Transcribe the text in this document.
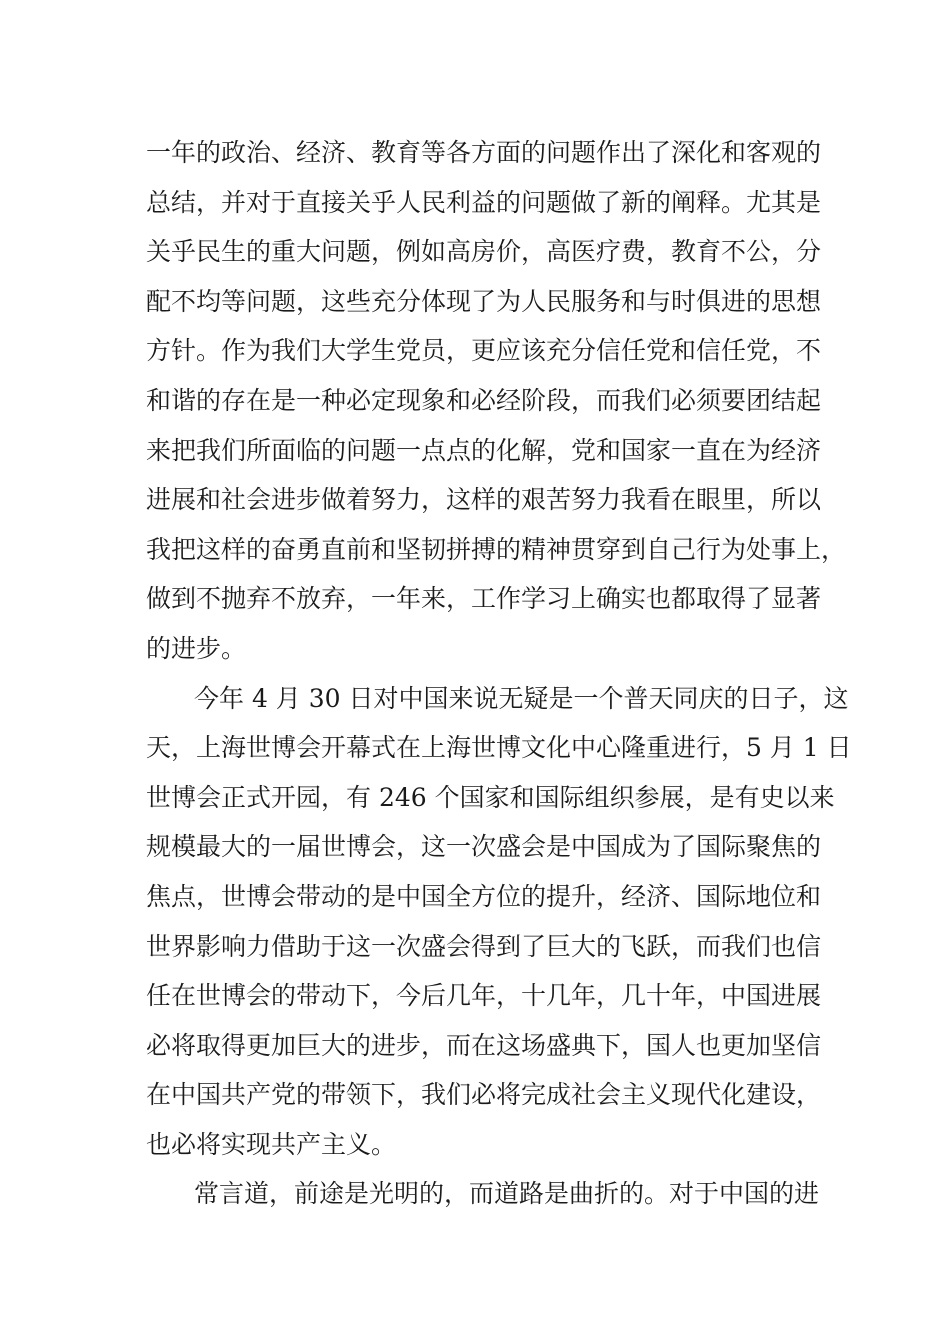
一年的政治、经济、教育等各方面的问题作出了深化和客观的
总结，并对于直接关乎人民利益的问题做了新的阐释。尤其是
关乎民生的重大问题，例如高房价，高医疗费，教育不公，分
配不均等问题，这些充分体现了为人民服务和与时俱进的思想
方针。作为我们大学生党员，更应该充分信任党和信任党，不
和谐的存在是一种必定现象和必经阶段，而我们必须要团结起
来把我们所面临的问题一点点的化解，党和国家一直在为经济
进展和社会进步做着努力，这样的艰苦努力我看在眼里，所以
我把这样的奋勇直前和坚韧拼搏的精神贯穿到自己行为处事上，
做到不抛弃不放弃，一年来，工作学习上确实也都取得了显著
的进步。
今年 4 月 30 日对中国来说无疑是一个普天同庆的日子，这
天，上海世博会开幕式在上海世博文化中心隆重进行，5 月 1 日
世博会正式开园，有 246 个国家和国际组织参展，是有史以来
规模最大的一届世博会，这一次盛会是中国成为了国际聚焦的
焦点，世博会带动的是中国全方位的提升，经济、国际地位和
世界影响力借助于这一次盛会得到了巨大的飞跃，而我们也信
任在世博会的带动下，今后几年，十几年，几十年，中国进展
必将取得更加巨大的进步，而在这场盛典下，国人也更加坚信
在中国共产党的带领下，我们必将完成社会主义现代化建设，
也必将实现共产主义。
常言道，前途是光明的，而道路是曲折的。对于中国的进
